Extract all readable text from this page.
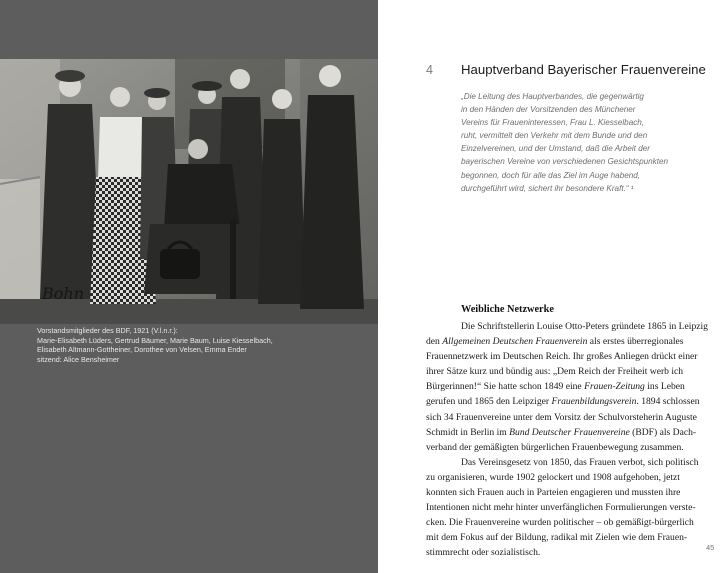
Bohn
Vorstandsmitglieder des BDF, 1921 (V.l.n.r.):
Marie-Elisabeth Lüders, Gertrud Bäumer, Marie Baum, Luise Kiesselbach,
Elisabeth Altmann-Gottheiner, Dorothee von Velsen, Emma Ender
sitzend: Alice Bensheimer
4 Hauptverband Bayerischer Frauenvereine
„Die Leitung des Hauptverbandes, die gegenwärtig
in den Händen der Vorsitzenden des Münchener
Vereins für Fraueninteressen, Frau L. Kiesselbach,
ruht, vermittelt den Verkehr mit dem Bunde und den
Einzelvereinen, und der Umstand, daß die Arbeit der
bayerischen Vereine von verschiedenen Gesichtspunkten
begonnen, doch für alle das Ziel im Auge habend,
durchgeführt wird, sichert ihr besondere Kraft.“ ¹
Weibliche Netzwerke
Die Schriftstellerin Louise Otto-Peters gründete 1865 in Leipzig
den Allgemeinen Deutschen Frauenverein als erstes überregionales
Frauennetzwerk im Deutschen Reich. Ihr großes Anliegen drückt einer
ihrer Sätze kurz und bündig aus: „Dem Reich der Freiheit werb ich
Bürgerinnen!“ Sie hatte schon 1849 eine Frauen-Zeitung ins Leben
gerufen und 1865 den Leipziger Frauenbildungsverein. 1894 schlossen
sich 34 Frauenvereine unter dem Vorsitz der Schulvorsteherin Auguste
Schmidt in Berlin im Bund Deutscher Frauenvereine (BDF) als Dach-
verband der gemäßigten bürgerlichen Frauenbewegung zusammen.
Das Vereinsgesetz von 1850, das Frauen verbot, sich politisch
zu organisieren, wurde 1902 gelockert und 1908 aufgehoben, jetzt
konnten sich Frauen auch in Parteien engagieren und mussten ihre
Intentionen nicht mehr hinter unverfänglichen Formulierungen verste-
cken. Die Frauenvereine wurden politischer – ob gemäßigt-bürgerlich
mit dem Fokus auf der Bildung, radikal mit Zielen wie dem Frauen-
stimmrecht oder sozialistisch.	45
